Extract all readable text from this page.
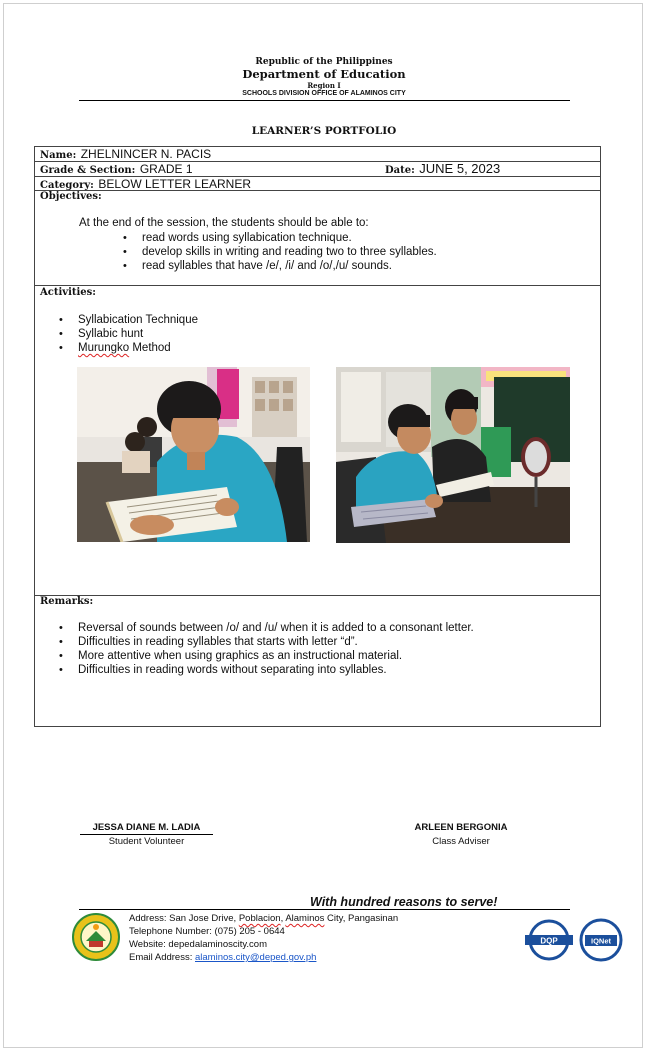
Republic of the Philippines
Department of Education
Region I
SCHOOLS DIVISION OFFICE OF ALAMINOS CITY
LEARNER’S PORTFOLIO
Name: ZHELNINCER N. PACIS
Grade & Section: GRADE 1	Date: JUNE 5, 2023
Category: BELOW LETTER LEARNER
Objectives:
At the end of the session, the students should be able to:
• read words using syllabication technique.
• develop skills in writing and reading two to three syllables.
• read syllables that have /e/, /i/ and /o/,/u/ sounds.
Activities:
• Syllabication Technique
• Syllabic hunt
• Murungko Method
Remarks:
• Reversal of sounds between /o/ and /u/ when it is added to a consonant letter.
• Difficulties in reading syllables that starts with letter “d”.
• More attentive when using graphics as an instructional material.
• Difficulties in reading words without separating into syllables.
JESSA DIANE M. LADIA
Student Volunteer
ARLEEN BERGONIA
Class Adviser
With hundred reasons to serve!
Address: San Jose Drive, Poblacion, Alaminos City, Pangasinan
Telephone Number: (075) 205 - 0644
Website: depedalaminoscity.com
Email Address: alaminos.city@deped.gov.ph
DQP	IQNet
